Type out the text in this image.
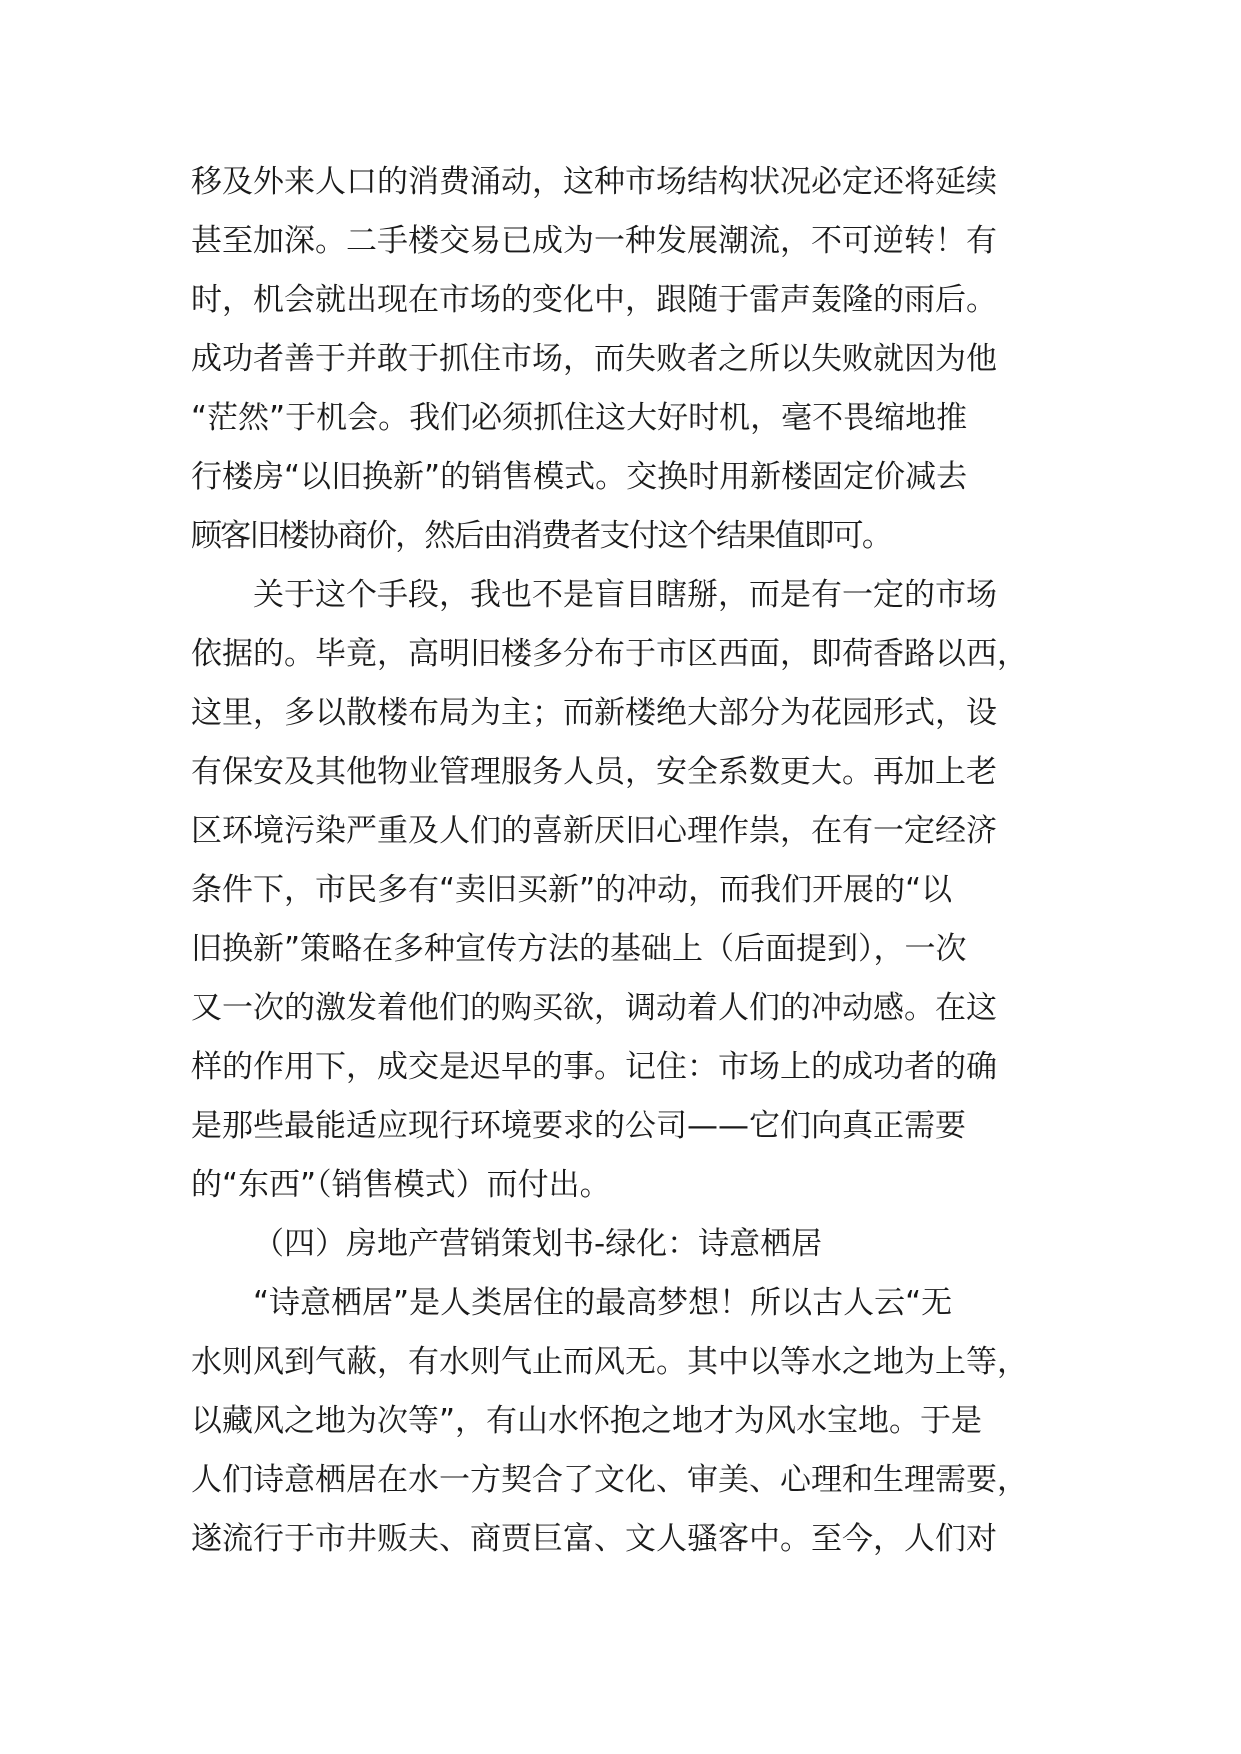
移及外来人口的消费涌动，这种市场结构状况必定还将延续
甚至加深。二手楼交易已成为一种发展潮流，不可逆转！有
时，机会就出现在市场的变化中，跟随于雷声轰隆的雨后。
成功者善于并敢于抓住市场，而失败者之所以失败就因为他
“茫然”于机会。我们必须抓住这大好时机，毫不畏缩地推
行楼房“以旧换新”的销售模式。交换时用新楼固定价减去
顾客旧楼协商价，然后由消费者支付这个结果值即可。
关于这个手段，我也不是盲目瞎掰，而是有一定的市场
依据的。毕竟，高明旧楼多分布于市区西面，即荷香路以西，
这里，多以散楼布局为主；而新楼绝大部分为花园形式，设
有保安及其他物业管理服务人员，安全系数更大。再加上老
区环境污染严重及人们的喜新厌旧心理作祟，在有一定经济
条件下，市民多有“卖旧买新”的冲动，而我们开展的“以
旧换新”策略在多种宣传方法的基础上（后面提到），一次
又一次的激发着他们的购买欲，调动着人们的冲动感。在这
样的作用下，成交是迟早的事。记住：市场上的成功者的确
是那些最能适应现行环境要求的公司——它们向真正需要
的“东西”（销售模式）而付出。
（四）房地产营销策划书-绿化：诗意栖居
“诗意栖居”是人类居住的最高梦想！所以古人云“无
水则风到气蔽，有水则气止而风无。其中以等水之地为上等，
以藏风之地为次等”，有山水怀抱之地才为风水宝地。于是
人们诗意栖居在水一方契合了文化、审美、心理和生理需要，
遂流行于市井贩夫、商贾巨富、文人骚客中。至今，人们对
